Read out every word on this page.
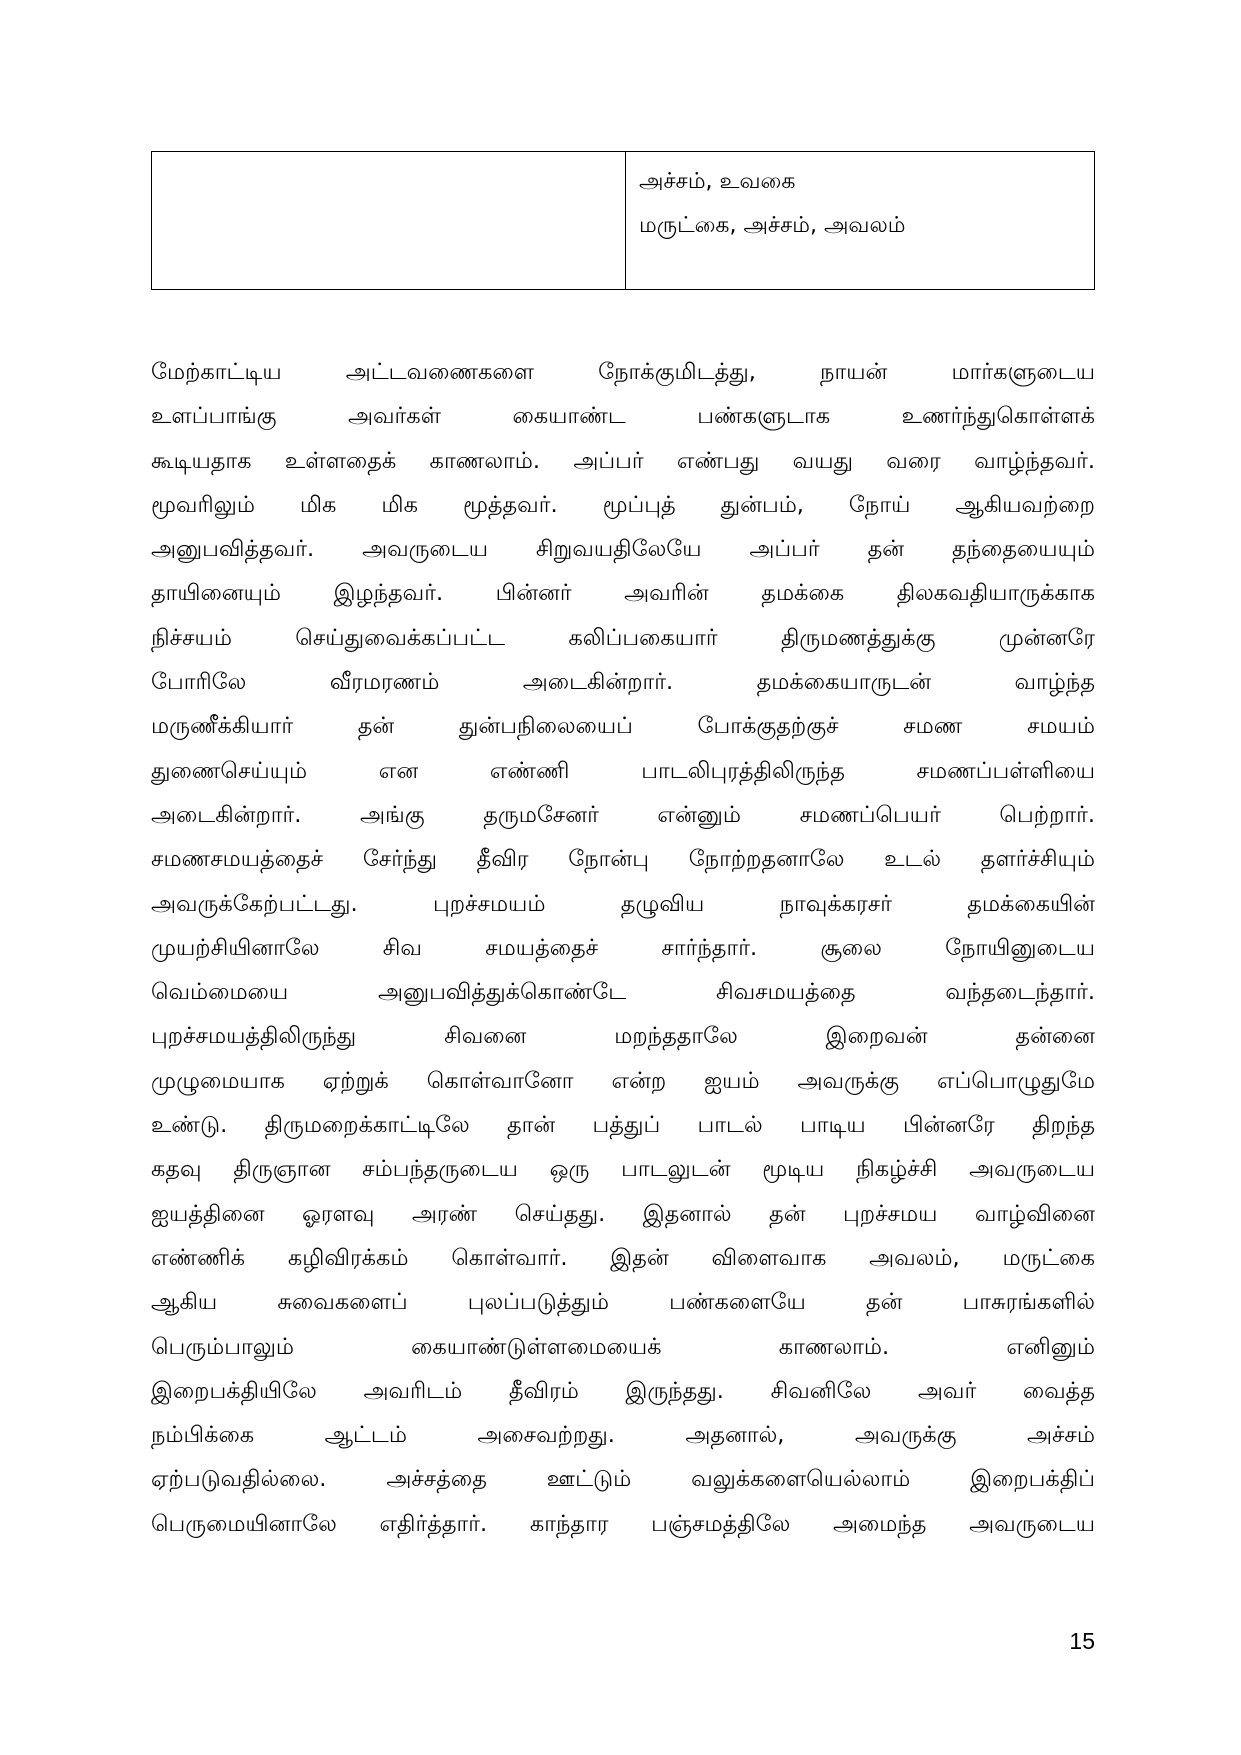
அச்சம், உவகை
மருட்கை, அச்சம், அவலம்
மேற்காட்டிய அட்டவணைகளை நோக்குமிடத்து, நாயன் மார்களுடைய
உளப்பாங்கு அவர்கள் கையாண்ட பண்களுடாக உணர்ந்துகொள்ளக்
கூடியதாக உள்ளதைக் காணலாம். அப்பர் எண்பது வயது வரை வாழ்ந்தவர்.
மூவரிலும் மிக மிக மூத்தவர். மூப்புத் துன்பம், நோய் ஆகியவற்றை
அனுபவித்தவர். அவருடைய சிறுவயதிலேயே அப்பர் தன் தந்தையையும்
தாயினையும் இழந்தவர். பின்னர் அவரின் தமக்கை திலகவதியாருக்காக
நிச்சயம் செய்துவைக்கப்பட்ட கலிப்பகையார் திருமணத்துக்கு முன்னரே
போரிலே வீரமரணம் அடைகின்றார். தமக்கையாருடன் வாழ்ந்த
மருணீக்கியார் தன் துன்பநிலையைப் போக்குதற்குச் சமண சமயம்
துணைசெய்யும் என எண்ணி பாடலிபுரத்திலிருந்த சமணப்பள்ளியை
அடைகின்றார். அங்கு தருமசேனர் என்னும் சமணப்பெயர் பெற்றார்.
சமணசமயத்தைச் சேர்ந்து தீவிர நோன்பு நோற்றதனாலே உடல் தளர்ச்சியும்
அவருக்கேற்பட்டது. புறச்சமயம் தழுவிய நாவுக்கரசர் தமக்கையின்
முயற்சியினாலே சிவ சமயத்தைச் சார்ந்தார். சூலை நோயினுடைய
வெம்மையை அனுபவித்துக்கொண்டே சிவசமயத்தை வந்தடைந்தார்.
புறச்சமயத்திலிருந்து சிவனை மறந்ததாலே இறைவன் தன்னை
முழுமையாக ஏற்றுக் கொள்வானோ என்ற ஐயம் அவருக்கு எப்பொழுதுமே
உண்டு. திருமறைக்காட்டிலே தான் பத்துப் பாடல் பாடிய பின்னரே திறந்த
கதவு திருஞான சம்பந்தருடைய ஒரு பாடலுடன் மூடிய நிகழ்ச்சி அவருடைய
ஐயத்தினை ஓரளவு அரண் செய்தது. இதனால் தன் புறச்சமய வாழ்வினை
எண்ணிக் கழிவிரக்கம் கொள்வார். இதன் விளைவாக அவலம், மருட்கை
ஆகிய சுவைகளைப் புலப்படுத்தும் பண்களையே தன் பாசுரங்களில்
பெரும்பாலும் கையாண்டுள்ளமையைக் காணலாம். எனினும்
இறைபக்தியிலே அவரிடம் தீவிரம் இருந்தது. சிவனிலே அவர் வைத்த
நம்பிக்கை ஆட்டம் அசைவற்றது. அதனால், அவருக்கு அச்சம்
ஏற்படுவதில்லை. அச்சத்தை ஊட்டும் வலுக்களையெல்லாம் இறைபக்திப்
பெருமையினாலே எதிர்த்தார். காந்தார பஞ்சமத்திலே அமைந்த அவருடைய
15
